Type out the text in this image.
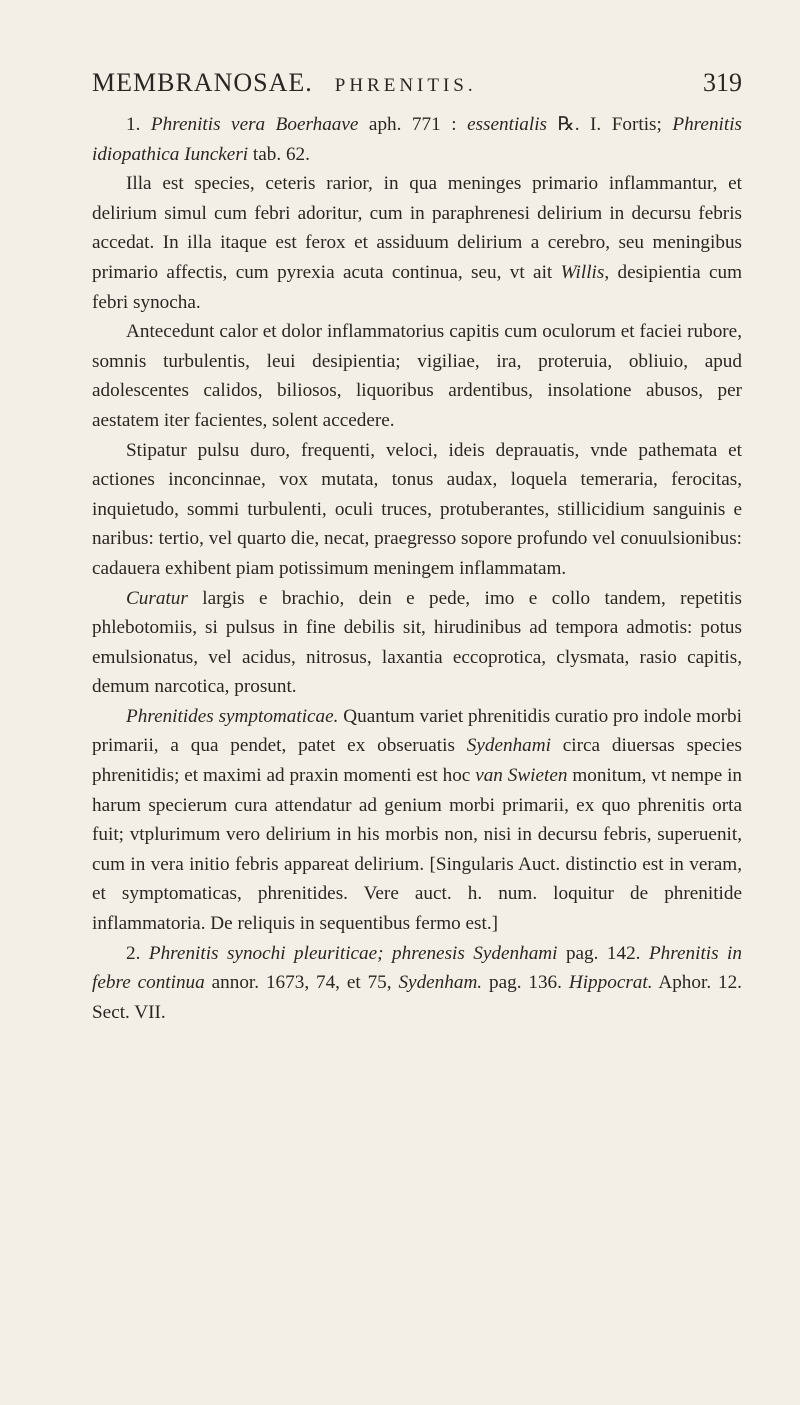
MEMBRANOSAE. PHRENITIS.	319

1. Phrenitis vera Boerhaave aph. 771 : essentialis ℞. I. Fortis; Phrenitis idiopathica Iunckeri tab. 62.

Illa est species, ceteris rarior, in qua meninges primario inflammantur, et delirium simul cum febri adoritur, cum in paraphrenesi delirium in decursu febris accedat. In illa itaque est ferox et assiduum delirium a cerebro, seu meningibus primario affectis, cum pyrexia acuta continua, seu, vt ait Willis, desipientia cum febri synocha.

Antecedunt calor et dolor inflammatorius capitis cum oculorum et faciei rubore, somnis turbulentis, leui desipientia; vigiliae, ira, proteruia, obliuio, apud adolescentes calidos, biliosos, liquoribus ardentibus, insolatione abusos, per aestatem iter facientes, solent accedere.

Stipatur pulsu duro, frequenti, veloci, ideis deprauatis, vnde pathemata et actiones inconcinnae, vox mutata, tonus audax, loquela temeraria, ferocitas, inquietudo, sommi turbulenti, oculi truces, protuberantes, stillicidium sanguinis e naribus: tertio, vel quarto die, necat, praegresso sopore profundo vel conuulsionibus: cadauera exhibent piam potissimum meningem inflammatam.

Curatur largis e brachio, dein e pede, imo e collo tandem, repetitis phlebotomiis, si pulsus in fine debilis sit, hirudinibus ad tempora admotis: potus emulsionatus, vel acidus, nitrosus, laxantia eccoprotica, clysmata, rasio capitis, demum narcotica, prosunt.

Phrenitides symptomaticae. Quantum variet phrenitidis curatio pro indole morbi primarii, a qua pendet, patet ex obseruatis Sydenhami circa diuersas species phrenitidis; et maximi ad praxin momenti est hoc van Swieten monitum, vt nempe in harum specierum cura attendatur ad genium morbi primarii, ex quo phrenitis orta fuit; vtplurimum vero delirium in his morbis non, nisi in decursu febris, superuenit, cum in vera initio febris appareat delirium. [Singularis Auct. distinctio est in veram, et symptomaticas, phrenitides. Vere auct. h. num. loquitur de phrenitide inflammatoria. De reliquis in sequentibus fermo est.]

2. Phrenitis synochi pleuriticae; phrenesis Sydenhami pag. 142. Phrenitis in febre continua annor. 1673, 74, et 75, Sydenham. pag. 136. Hippocrat. Aphor. 12. Sect. VII.
